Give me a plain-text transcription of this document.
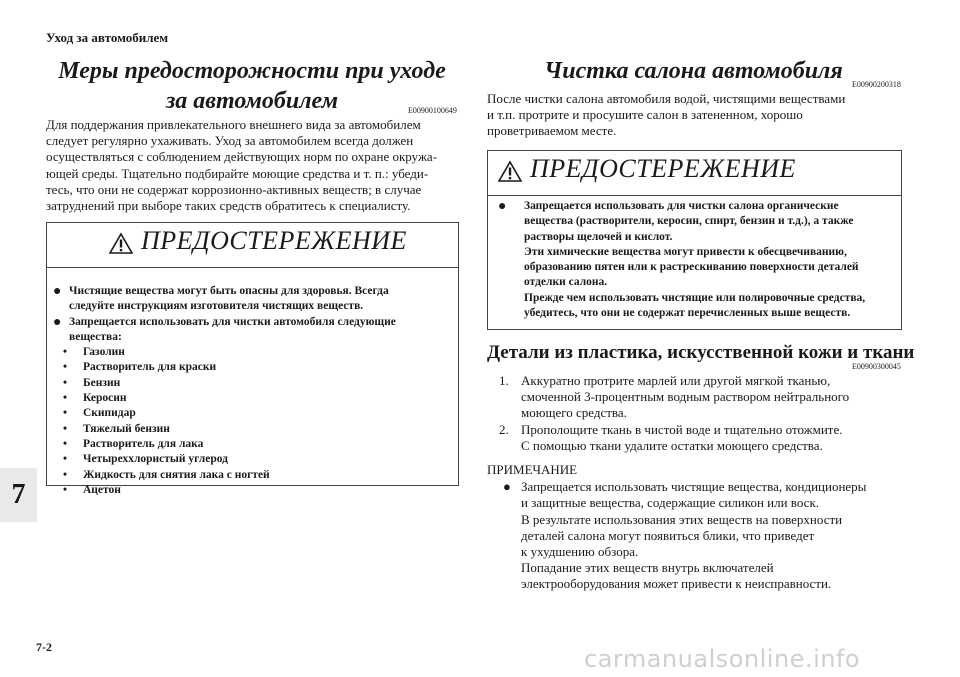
Уход за автомобилем
7
7-2
Меры предосторожности при уходе
за автомобилем	E00900100649

Для поддержания привлекательного внешнего вида за автомобилем

следует регулярно ухаживать. Уход за автомобилем всегда должен

осуществляться с соблюдением действующих норм по охране окружа-

ющей среды. Тщательно подбирайте моющие средства и т. п.: убеди-

тесь, что они не содержат коррозионно-активных веществ; в случае

затруднений при выборе таких средств обратитесь к специалисту.

ПРЕДОСТЕРЕЖЕНИЕ
● Чистящие вещества могут быть опасны для здоровья. Всегда
следуйте инструкциям изготовителя чистящих веществ.
● Запрещается использовать для чистки автомобиля следующие
вещества:
• Газолин
• Растворитель для краски
• Бензин
• Керосин
• Скипидар
• Тяжелый бензин
• Растворитель для лака
• Четыреххлористый углерод
• Жидкость для снятия лака с ногтей
• Ацетон
Чистка салона автомобиля
E00900200318

После чистки салона автомобиля водой, чистящими веществами

и т.п. протрите и просушите салон в затененном, хорошо

проветриваемом месте.

ПРЕДОСТЕРЕЖЕНИЕ
● Запрещается использовать для чистки салона органические
вещества (растворители, керосин, спирт, бензин и т.д.), а также
растворы щелочей и кислот.
Эти химические вещества могут привести к обесцвечиванию,
образованию пятен или к растрескиванию поверхности деталей
отделки салона.
Прежде чем использовать чистящие или полировочные средства,
убедитесь, что они не содержат перечисленных выше веществ.
Детали из пластика, искусственной кожи и ткани
E00900300045
1. Аккуратно протрите марлей или другой мягкой тканью,
смоченной 3-процентным водным раствором нейтрального
моющего средства.
2. Прополощите ткань в чистой воде и тщательно отожмите.
С помощью ткани удалите остатки моющего средства.
ПРИМЕЧАНИЕ
● Запрещается использовать чистящие вещества, кондиционеры
и защитные вещества, содержащие силикон или воск.
В результате использования этих веществ на поверхности
деталей салона могут появиться блики, что приведет
к ухудшению обзора.
Попадание этих веществ внутрь включателей
электрооборудования может привести к неисправности.
carmanualsonline.info
